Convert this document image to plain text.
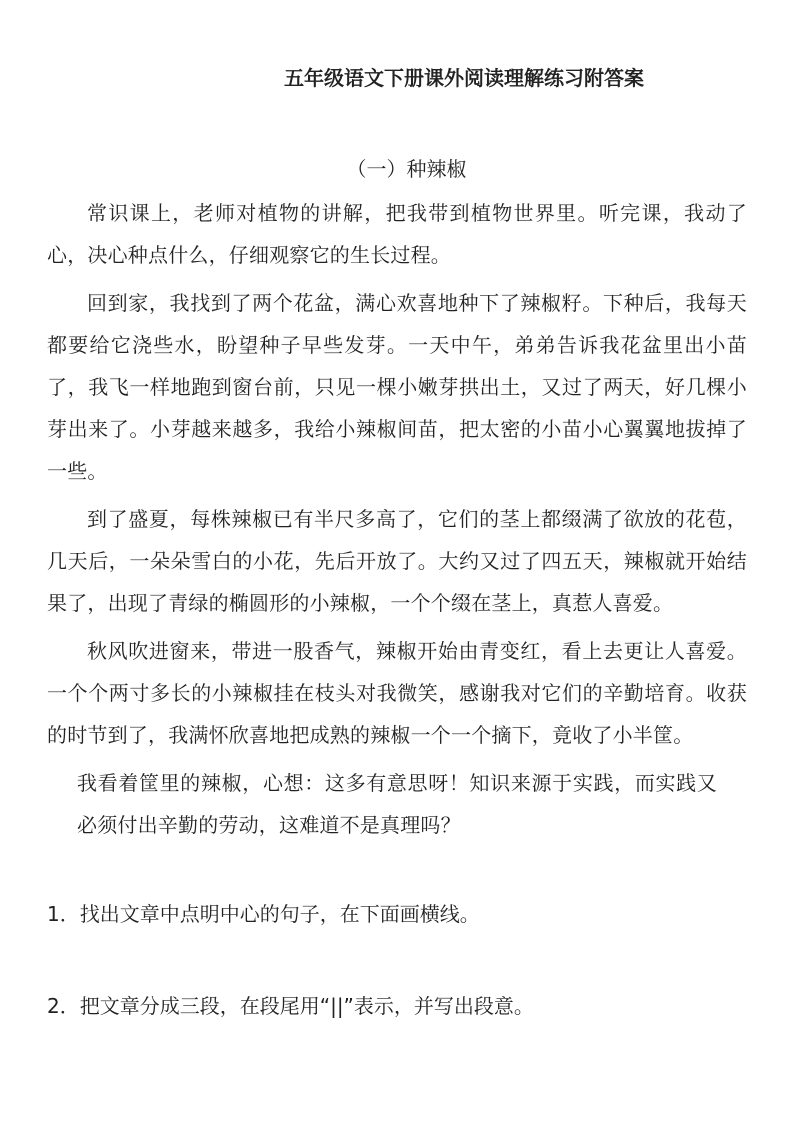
五年级语文下册课外阅读理解练习附答案
（一）种辣椒

常识课上，老师对植物的讲解，把我带到植物世界里。听完课，我动了心，决心种点什么，仔细观察它的生长过程。

回到家，我找到了两个花盆，满心欢喜地种下了辣椒籽。下种后，我每天都要给它浇些水，盼望种子早些发芽。一天中午，弟弟告诉我花盆里出小苗了，我飞一样地跑到窗台前，只见一棵小嫩芽拱出土，又过了两天，好几棵小芽出来了。小芽越来越多，我给小辣椒间苗，把太密的小苗小心翼翼地拔掉了一些。

到了盛夏，每株辣椒已有半尺多高了，它们的茎上都缀满了欲放的花苞，几天后，一朵朵雪白的小花，先后开放了。大约又过了四五天，辣椒就开始结果了，出现了青绿的椭圆形的小辣椒，一个个缀在茎上，真惹人喜爱。

秋风吹进窗来，带进一股香气，辣椒开始由青变红，看上去更让人喜爱。一个个两寸多长的小辣椒挂在枝头对我微笑，感谢我对它们的辛勤培育。收获的时节到了，我满怀欣喜地把成熟的辣椒一个一个摘下，竟收了小半筐。

我看着筐里的辣椒，心想：这多有意思呀！知识来源于实践，而实践又必须付出辛勤的劳动，这难道不是真理吗？

1．找出文章中点明中心的句子，在下面画横线。
2．把文章分成三段，在段尾用“||”表示，并写出段意。
